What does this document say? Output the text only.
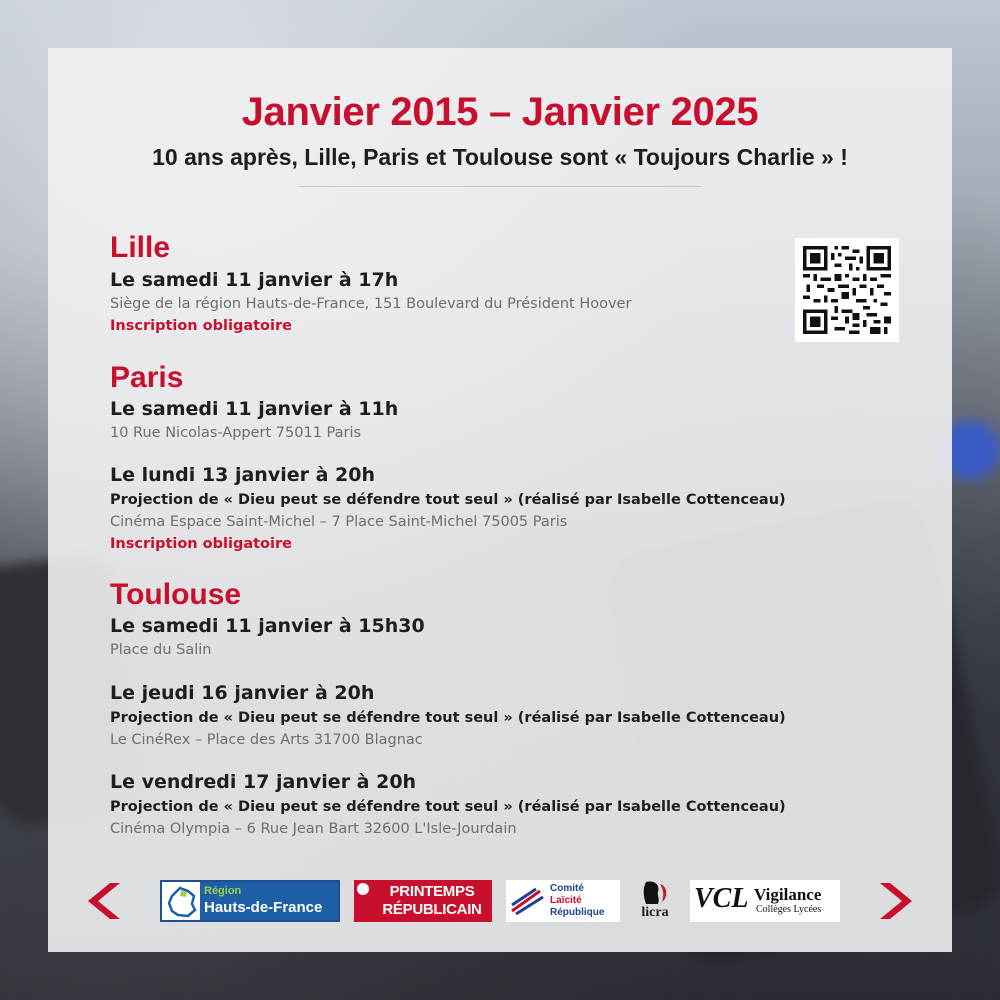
Janvier 2015 – Janvier 2025
10 ans après, Lille, Paris et Toulouse sont « Toujours Charlie » !
Lille
Le samedi 11 janvier à 17h
Siège de la région Hauts-de-France, 151 Boulevard du Président Hoover
Inscription obligatoire
Paris
Le samedi 11 janvier à 11h
10 Rue Nicolas-Appert 75011 Paris
Le lundi 13 janvier à 20h
Projection de « Dieu peut se défendre tout seul » (réalisé par Isabelle Cottenceau)
Cinéma Espace Saint-Michel – 7 Place Saint-Michel 75005 Paris
Inscription obligatoire
Toulouse
Le samedi 11 janvier à 15h30
Place du Salin
Le jeudi 16 janvier à 20h
Projection de « Dieu peut se défendre tout seul » (réalisé par Isabelle Cottenceau)
Le CinéRex – Place des Arts 31700 Blagnac
Le vendredi 17 janvier à 20h
Projection de « Dieu peut se défendre tout seul » (réalisé par Isabelle Cottenceau)
Cinéma Olympia – 6 Rue Jean Bart 32600 L'Isle-Jourdain
Région
Hauts-de-France
PRINTEMPS
RÉPUBLICAIN
Comité
Laïcité
République	licra VCL Vigilance
Collèges Lycées
